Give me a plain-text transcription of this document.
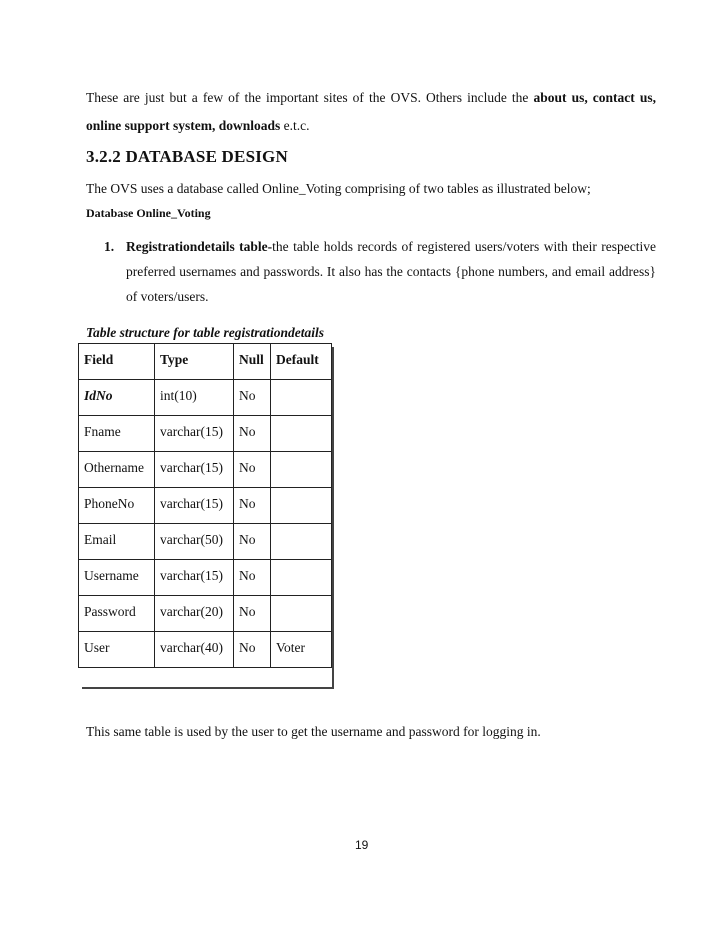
These are just but a few of the important sites of the OVS. Others include the about us, contact us, online support system, downloads e.t.c.
3.2.2 DATABASE DESIGN
The OVS uses a database called Online_Voting comprising of two tables as illustrated below;
Database Online_Voting
1. Registrationdetails table-the table holds records of registered users/voters with their respective preferred usernames and passwords. It also has the contacts {phone numbers, and email address} of voters/users.
Table structure for table registrationdetails
Field	Type	Null	Default
IdNo	int(10)	No	
Fname	varchar(15)	No	
Othername	varchar(15)	No	
PhoneNo	varchar(15)	No	
Email	varchar(50)	No	
Username	varchar(15)	No	
Password	varchar(20)	No	
User	varchar(40)	No	Voter
This same table is used by the user to get the username and password for logging in.
19
